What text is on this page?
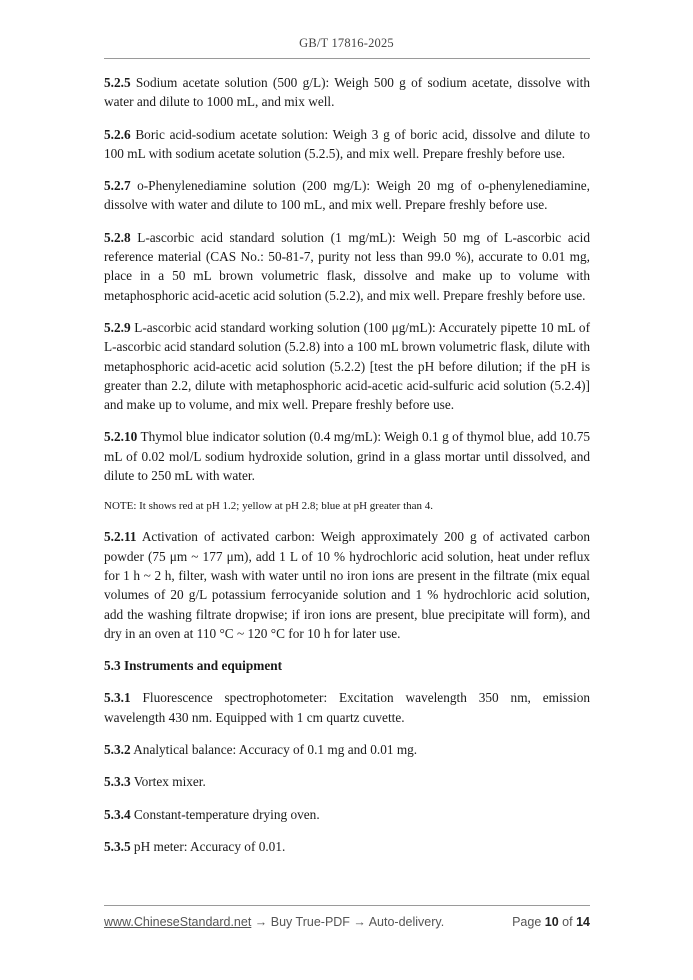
GB/T 17816-2025

5.2.5 Sodium acetate solution (500 g/L): Weigh 500 g of sodium acetate, dissolve with water and dilute to 1000 mL, and mix well.

5.2.6 Boric acid-sodium acetate solution: Weigh 3 g of boric acid, dissolve and dilute to 100 mL with sodium acetate solution (5.2.5), and mix well. Prepare freshly before use.

5.2.7 o-Phenylenediamine solution (200 mg/L): Weigh 20 mg of o-phenylenediamine, dissolve with water and dilute to 100 mL, and mix well. Prepare freshly before use.

5.2.8 L-ascorbic acid standard solution (1 mg/mL): Weigh 50 mg of L-ascorbic acid reference material (CAS No.: 50-81-7, purity not less than 99.0 %), accurate to 0.01 mg, place in a 50 mL brown volumetric flask, dissolve and make up to volume with metaphosphoric acid-acetic acid solution (5.2.2), and mix well. Prepare freshly before use.

5.2.9 L-ascorbic acid standard working solution (100 μg/mL): Accurately pipette 10 mL of L-ascorbic acid standard solution (5.2.8) into a 100 mL brown volumetric flask, dilute with metaphosphoric acid-acetic acid solution (5.2.2) [test the pH before dilution; if the pH is greater than 2.2, dilute with metaphosphoric acid-acetic acid-sulfuric acid solution (5.2.4)] and make up to volume, and mix well. Prepare freshly before use.

5.2.10 Thymol blue indicator solution (0.4 mg/mL): Weigh 0.1 g of thymol blue, add 10.75 mL of 0.02 mol/L sodium hydroxide solution, grind in a glass mortar until dissolved, and dilute to 250 mL with water.

NOTE: It shows red at pH 1.2; yellow at pH 2.8; blue at pH greater than 4.

5.2.11 Activation of activated carbon: Weigh approximately 200 g of activated carbon powder (75 μm ~ 177 μm), add 1 L of 10 % hydrochloric acid solution, heat under reflux for 1 h ~ 2 h, filter, wash with water until no iron ions are present in the filtrate (mix equal volumes of 20 g/L potassium ferrocyanide solution and 1 % hydrochloric acid solution, add the washing filtrate dropwise; if iron ions are present, blue precipitate will form), and dry in an oven at 110 °C ~ 120 °C for 10 h for later use.

5.3 Instruments and equipment

5.3.1 Fluorescence spectrophotometer: Excitation wavelength 350 nm, emission wavelength 430 nm. Equipped with 1 cm quartz cuvette.

5.3.2 Analytical balance: Accuracy of 0.1 mg and 0.01 mg.

5.3.3 Vortex mixer.

5.3.4 Constant-temperature drying oven.

5.3.5 pH meter: Accuracy of 0.01.

www.ChineseStandard.net → Buy True-PDF → Auto-delivery.	Page 10 of 14
